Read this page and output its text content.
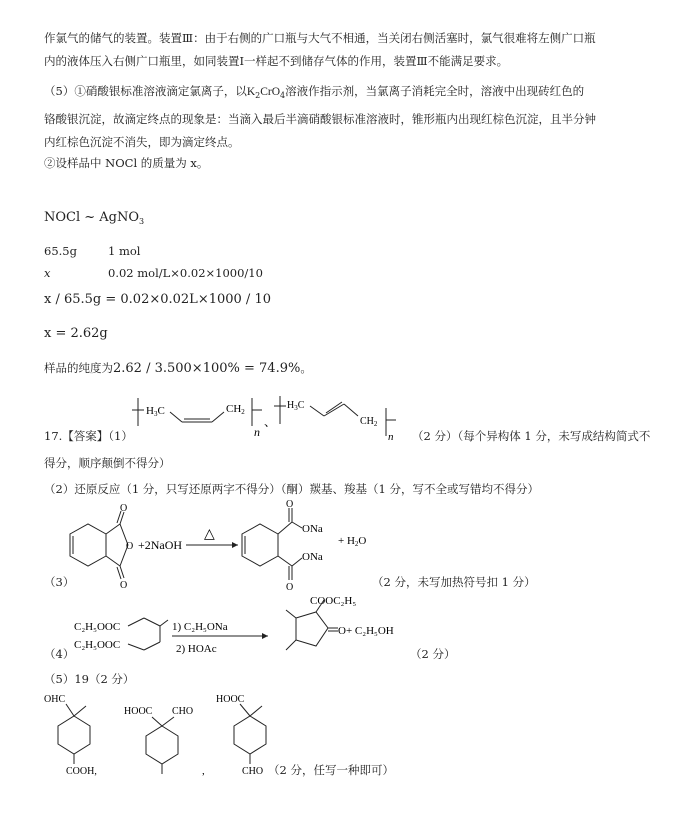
作氯气的储气的装置。装置Ⅲ：由于右侧的广口瓶与大气不相通，当关闭右侧活塞时，氯气很难将左侧广口瓶
内的液体压入右侧广口瓶里，如同装置Ⅰ一样起不到储存气体的作用，装置Ⅲ不能满足要求。
（5）①硝酸银标准溶液滴定氯离子，以$K_2CrO_4$溶液作指示剂，当氯离子消耗完全时，溶液中出现砖红色的
铬酸银沉淀，故滴定终点的现象是：当滴入最后半滴硝酸银标准溶液时，锥形瓶内出现红棕色沉淀，且半分钟
内红棕色沉淀不消失，即为滴定终点。
②设样品中 NOCl 的质量为 x。
NOCl ~ AgNO$_3$
65.5g	1 mol
x	0.02 mol/L×0.02×1000/10
x / 65.5g = 0.02×0.02L×1000 / 10
x = 2.62g
样品的纯度为2.62 / 3.500×100% = 74.9%。
H3C	CH2
n
、
$H_3C$
$CH_2$
n
17.【答案】（1）	（2 分）（每个异构体 1 分，未写成结构简式不
得分，顺序颠倒不得分）
（2）还原反应（1 分，只写还原两字不得分）（酮）羰基、羧基（1 分，写不全或写错均不得分）
O
O
O
+2NaOH
△
O
ONa
ONa
O
+ H2O
（3）	（2 分，未写加热符号扣 1 分）
C₂H₅OOC
C₂H₅OOC
1) C₂H₅ONa
2) HOAc
COOC₂H₅
O+ C₂H₅OH
（4）	（2 分）
（5）19（2 分）
OHC
COOH,
HOOC CHO
,
HOOC
CHO （2 分，任写一种即可）
